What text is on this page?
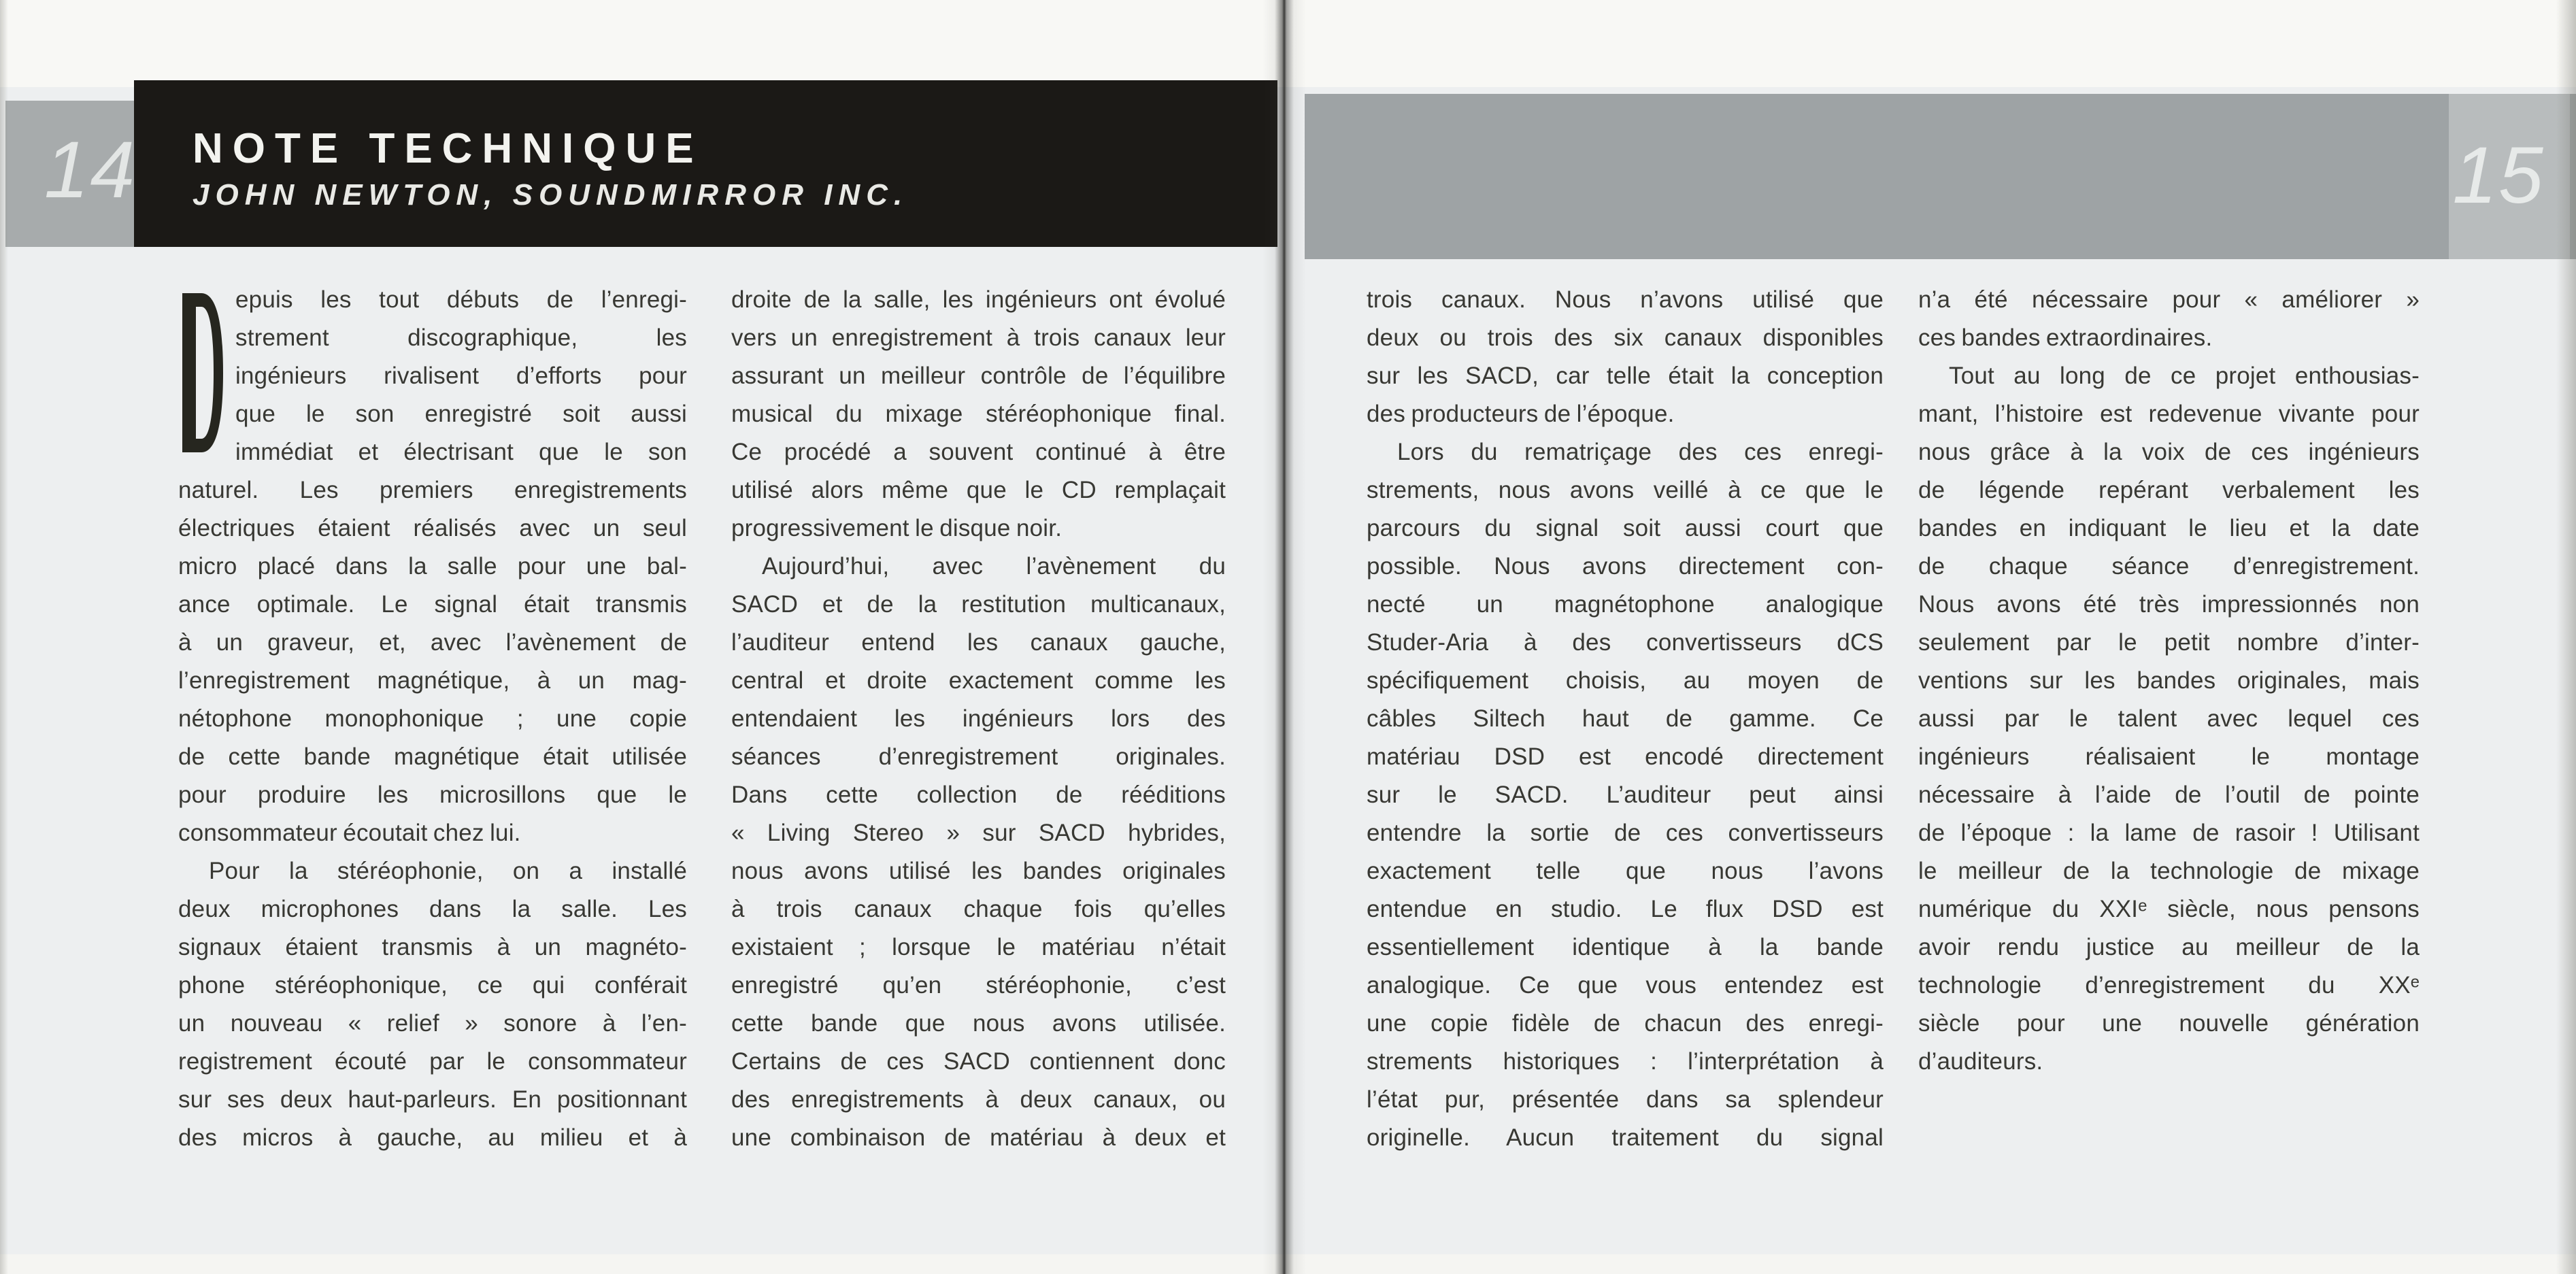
14 NOTE TECHNIQUE
JOHN NEWTON, SOUNDMIRROR INC.	15
epuis les tout débuts de l’enregi-
strement discographique, les
ingénieurs rivalisent d’efforts pour
que le son enregistré soit aussi
immédiat et électrisant que le son
naturel. Les premiers enregistrements
électriques étaient réalisés avec un seul
micro placé dans la salle pour une bal-
ance optimale. Le signal était transmis
à un graveur, et, avec l’avènement de
l’enregistrement magnétique, à un mag-
nétophone monophonique ; une copie
de cette bande magnétique était utilisée
pour produire les microsillons que le
consommateur écoutait chez lui.
Pour la stéréophonie, on a installé
deux microphones dans la salle. Les
signaux étaient transmis à un magnéto-
phone stéréophonique, ce qui conférait
un nouveau « relief » sonore à l’en-
registrement écouté par le consommateur
sur ses deux haut-parleurs. En positionnant
des micros à gauche, au milieu et à
droite de la salle, les ingénieurs ont évolué
vers un enregistrement à trois canaux leur
assurant un meilleur contrôle de l’équilibre
musical du mixage stéréophonique final.
Ce procédé a souvent continué à être
utilisé alors même que le CD remplaçait
progressivement le disque noir.
Aujourd’hui, avec l’avènement du
SACD et de la restitution multicanaux,
l’auditeur entend les canaux gauche,
central et droite exactement comme les
entendaient les ingénieurs lors des
séances d’enregistrement originales.
Dans cette collection de rééditions
« Living Stereo » sur SACD hybrides,
nous avons utilisé les bandes originales
à trois canaux chaque fois qu’elles
existaient ; lorsque le matériau n’était
enregistré qu’en stéréophonie, c’est
cette bande que nous avons utilisée.
Certains de ces SACD contiennent donc
des enregistrements à deux canaux, ou
une combinaison de matériau à deux et
trois canaux. Nous n’avons utilisé que
deux ou trois des six canaux disponibles
sur les SACD, car telle était la conception
des producteurs de l’époque.
Lors du rematriçage des ces enregi-
strements, nous avons veillé à ce que le
parcours du signal soit aussi court que
possible. Nous avons directement con-
necté un magnétophone analogique
Studer-Aria à des convertisseurs dCS
spécifiquement choisis, au moyen de
câbles Siltech haut de gamme. Ce
matériau DSD est encodé directement
sur le SACD. L’auditeur peut ainsi
entendre la sortie de ces convertisseurs
exactement telle que nous l’avons
entendue en studio. Le flux DSD est
essentiellement identique à la bande
analogique. Ce que vous entendez est
une copie fidèle de chacun des enregi-
strements historiques : l’interprétation à
l’état pur, présentée dans sa splendeur
originelle. Aucun traitement du signal
n’a été nécessaire pour « améliorer »
ces bandes extraordinaires.
Tout au long de ce projet enthousias-
mant, l’histoire est redevenue vivante pour
nous grâce à la voix de ces ingénieurs
de légende repérant verbalement les
bandes en indiquant le lieu et la date
de chaque séance d’enregistrement.
Nous avons été très impressionnés non
seulement par le petit nombre d’inter-
ventions sur les bandes originales, mais
aussi par le talent avec lequel ces
ingénieurs réalisaient le montage
nécessaire à l’aide de l’outil de pointe
de l’époque : la lame de rasoir ! Utilisant
le meilleur de la technologie de mixage
numérique du XXIᵉ siècle, nous pensons
avoir rendu justice au meilleur de la
technologie d’enregistrement du XXᵉ
siècle pour une nouvelle génération
d’auditeurs.
